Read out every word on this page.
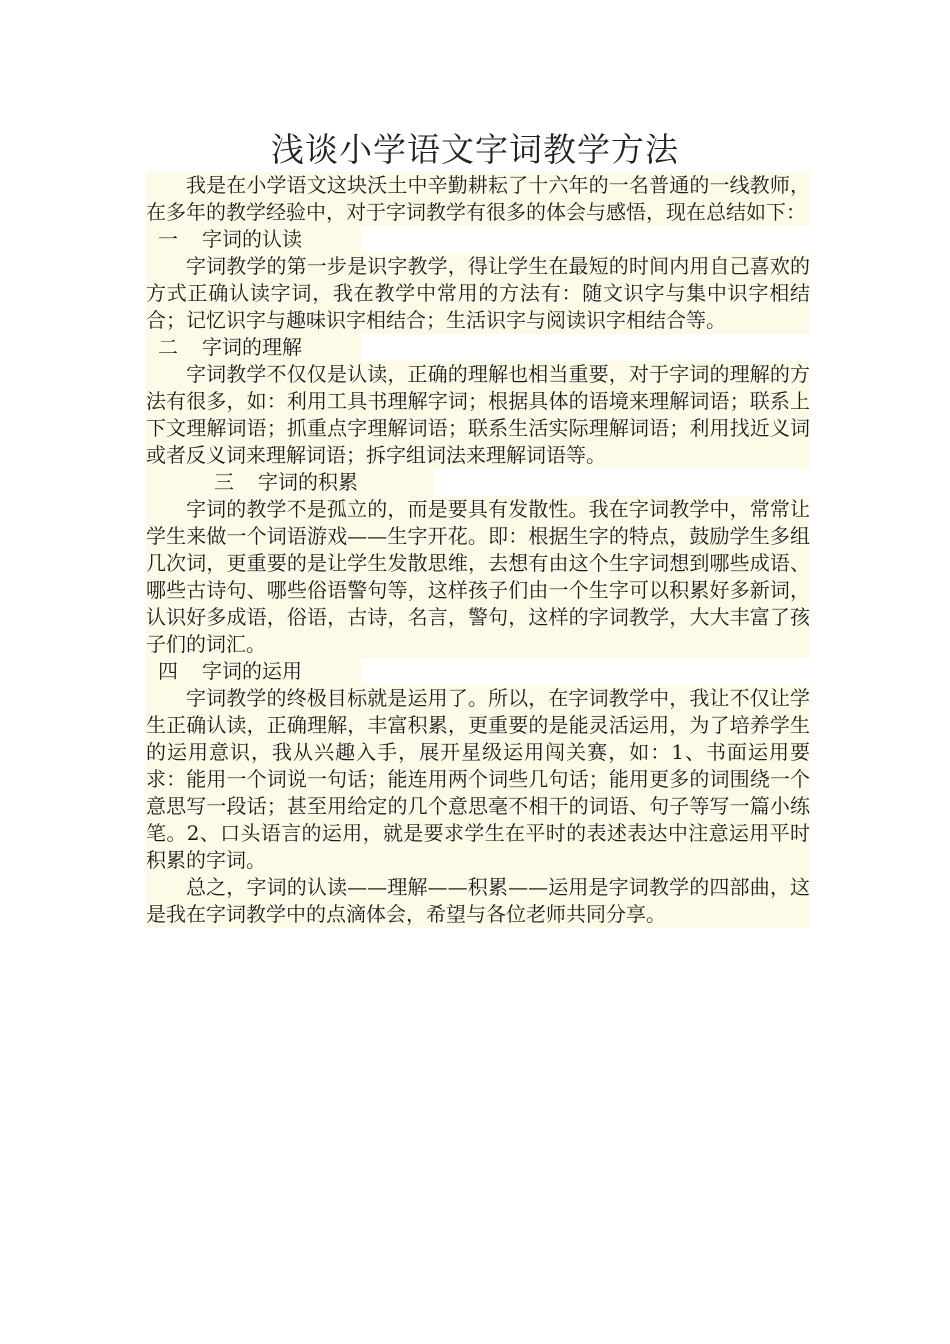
浅谈小学语文字词教学方法

我是在小学语文这块沃土中辛勤耕耘了十六年的一名普通的一线教师，在多年的教学经验中，对于字词教学有很多的体会与感悟，现在总结如下：

一 字词的认读

字词教学的第一步是识字教学，得让学生在最短的时间内用自己喜欢的方式正确认读字词，我在教学中常用的方法有：随文识字与集中识字相结合；记忆识字与趣味识字相结合；生活识字与阅读识字相结合等。

二 字词的理解

字词教学不仅仅是认读，正确的理解也相当重要，对于字词的理解的方法有很多，如：利用工具书理解字词；根据具体的语境来理解词语；联系上下文理解词语；抓重点字理解词语；联系生活实际理解词语；利用找近义词或者反义词来理解词语；拆字组词法来理解词语等。

三 字词的积累

字词的教学不是孤立的，而是要具有发散性。我在字词教学中，常常让学生来做一个词语游戏——生字开花。即：根据生字的特点，鼓励学生多组几次词，更重要的是让学生发散思维，去想有由这个生字词想到哪些成语、哪些古诗句、哪些俗语警句等，这样孩子们由一个生字可以积累好多新词，认识好多成语，俗语，古诗，名言，警句，这样的字词教学，大大丰富了孩子们的词汇。

四 字词的运用

字词教学的终极目标就是运用了。所以，在字词教学中，我让不仅让学生正确认读，正确理解，丰富积累，更重要的是能灵活运用，为了培养学生的运用意识，我从兴趣入手，展开星级运用闯关赛，如：1、书面运用要求：能用一个词说一句话；能连用两个词些几句话；能用更多的词围绕一个意思写一段话；甚至用给定的几个意思毫不相干的词语、句子等写一篇小练笔。2、口头语言的运用，就是要求学生在平时的表述表达中注意运用平时积累的字词。

总之，字词的认读——理解——积累——运用是字词教学的四部曲，这是我在字词教学中的点滴体会，希望与各位老师共同分享。
